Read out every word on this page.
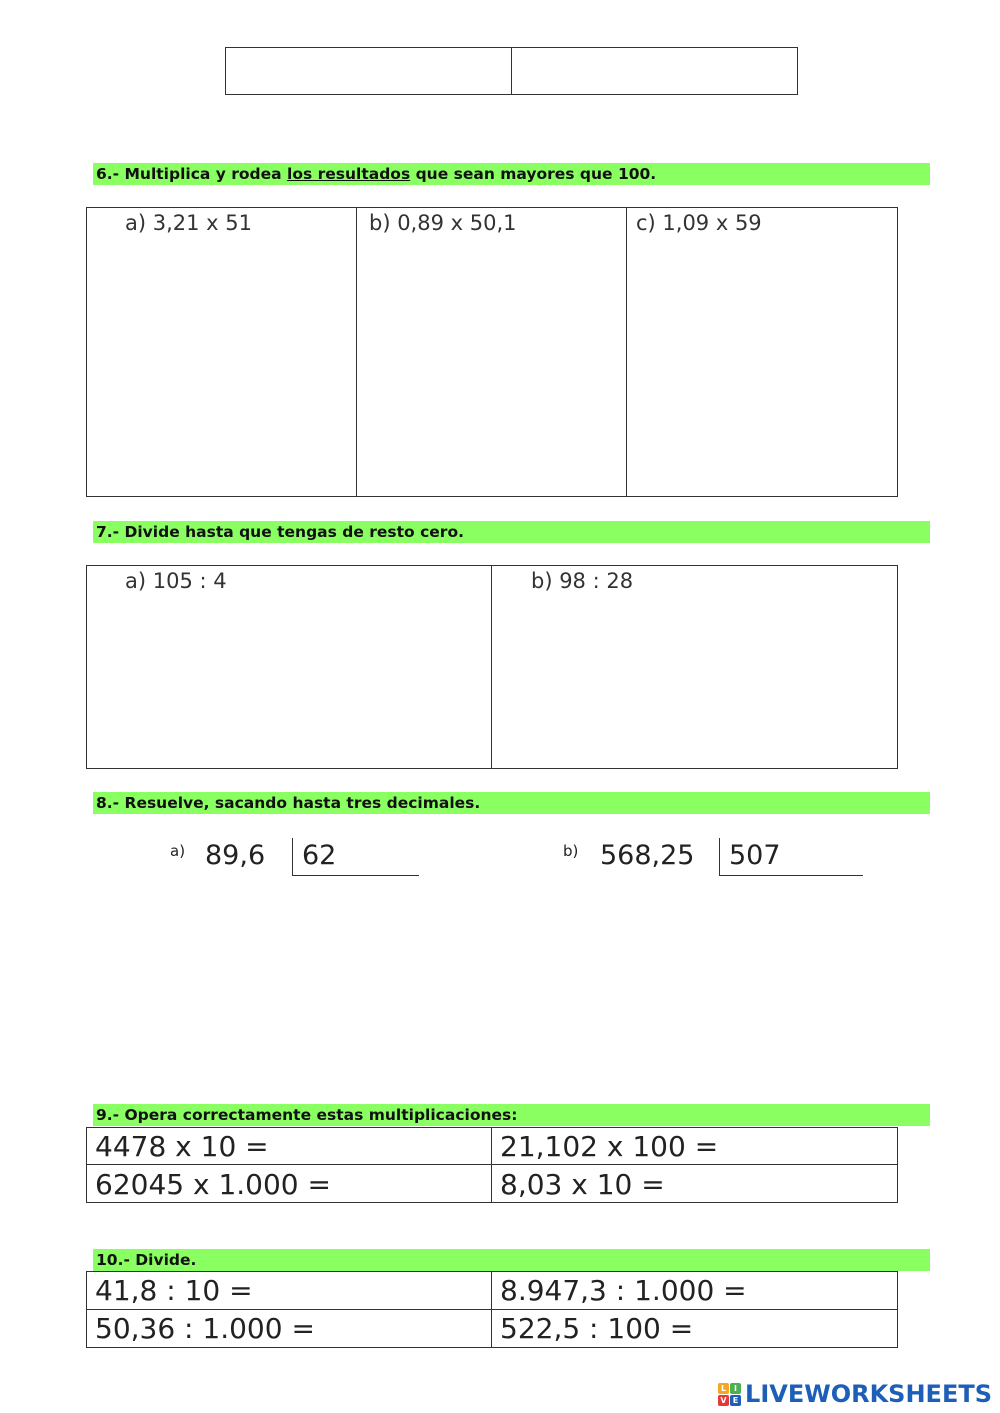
6.- Multiplica y rodea los resultados que sean mayores que 100.
a) 3,21 x 51	b) 0,89 x 50,1	c) 1,09 x 59
7.- Divide hasta que tengas de resto cero.
a) 105 : 4	b) 98 : 28
8.- Resuelve, sacando hasta tres decimales.
a) 89,6 62	b) 568,25 507
9.- Opera correctamente estas multiplicaciones:
4478 x 10 =	21,102 x 100 =
62045 x 1.000 =	8,03 x 10 =
10.- Divide.
41,8 : 10 =	8.947,3 : 1.000 =
50,36 : 1.000 =	522,5 : 100 =
L I
V E LIVEWORKSHEETS
